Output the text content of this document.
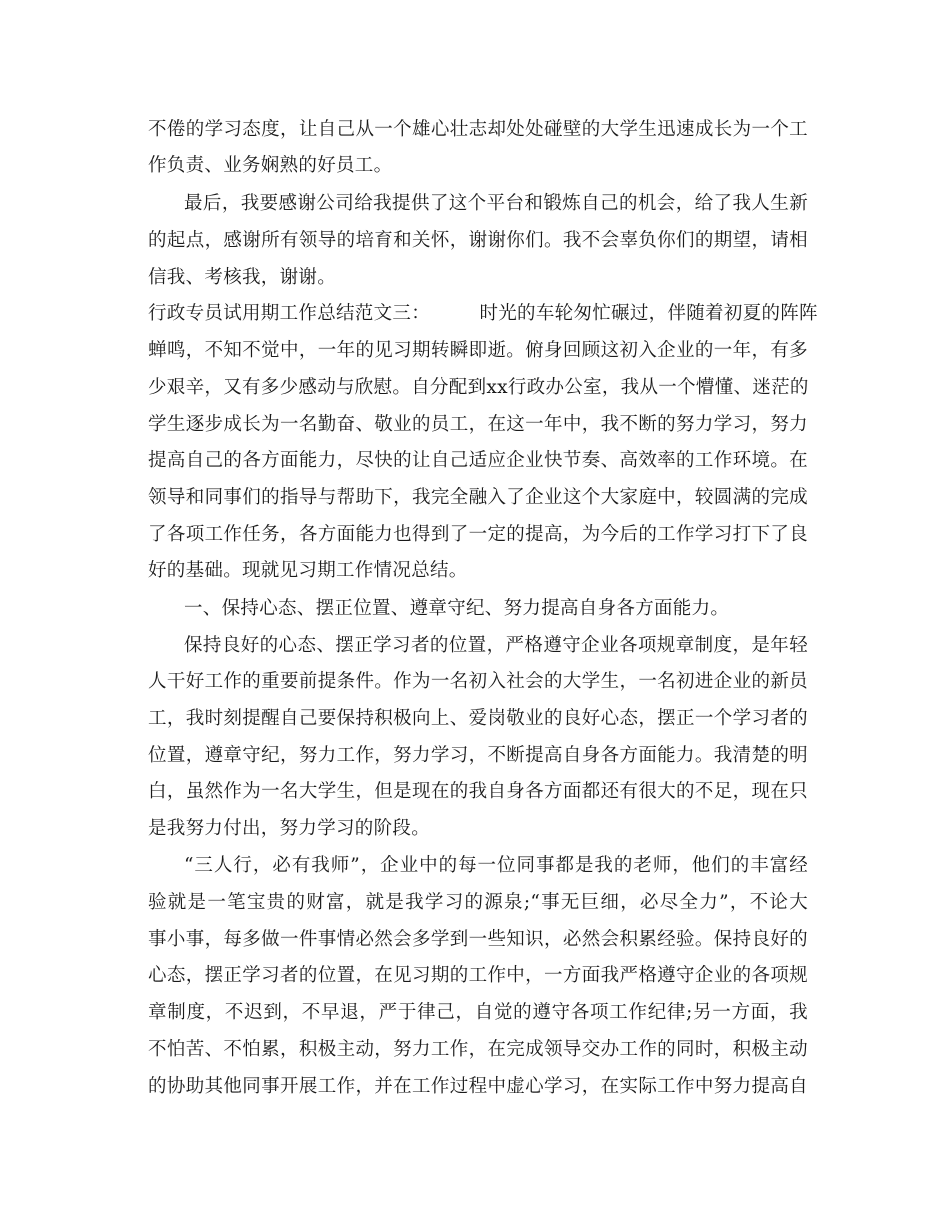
不倦的学习态度，让自己从一个雄心壮志却处处碰壁的大学生迅速成长为一个工
作负责、业务娴熟的好员工。
最后，我要感谢公司给我提供了这个平台和锻炼自己的机会，给了我人生新
的起点，感谢所有领导的培育和关怀，谢谢你们。我不会辜负你们的期望，请相
信我、考核我，谢谢。
行政专员试用期工作总结范文三：        时光的车轮匆忙碾过，伴随着初夏的阵阵
蝉鸣，不知不觉中，一年的见习期转瞬即逝。俯身回顾这初入企业的一年，有多
少艰辛，又有多少感动与欣慰。自分配到xx行政办公室，我从一个懵懂、迷茫的
学生逐步成长为一名勤奋、敬业的员工，在这一年中，我不断的努力学习，努力
提高自己的各方面能力，尽快的让自己适应企业快节奏、高效率的工作环境。在
领导和同事们的指导与帮助下，我完全融入了企业这个大家庭中，较圆满的完成
了各项工作任务，各方面能力也得到了一定的提高，为今后的工作学习打下了良
好的基础。现就见习期工作情况总结。
一、保持心态、摆正位置、遵章守纪、努力提高自身各方面能力。
保持良好的心态、摆正学习者的位置，严格遵守企业各项规章制度，是年轻
人干好工作的重要前提条件。作为一名初入社会的大学生，一名初进企业的新员
工，我时刻提醒自己要保持积极向上、爱岗敬业的良好心态，摆正一个学习者的
位置，遵章守纪，努力工作，努力学习，不断提高自身各方面能力。我清楚的明
白，虽然作为一名大学生，但是现在的我自身各方面都还有很大的不足，现在只
是我努力付出，努力学习的阶段。
“三人行，必有我师”，企业中的每一位同事都是我的老师，他们的丰富经
验就是一笔宝贵的财富，就是我学习的源泉;“事无巨细，必尽全力”，不论大
事小事，每多做一件事情必然会多学到一些知识，必然会积累经验。保持良好的
心态，摆正学习者的位置，在见习期的工作中，一方面我严格遵守企业的各项规
章制度，不迟到，不早退，严于律己，自觉的遵守各项工作纪律;另一方面，我
不怕苦、不怕累，积极主动，努力工作，在完成领导交办工作的同时，积极主动
的协助其他同事开展工作，并在工作过程中虚心学习，在实际工作中努力提高自
